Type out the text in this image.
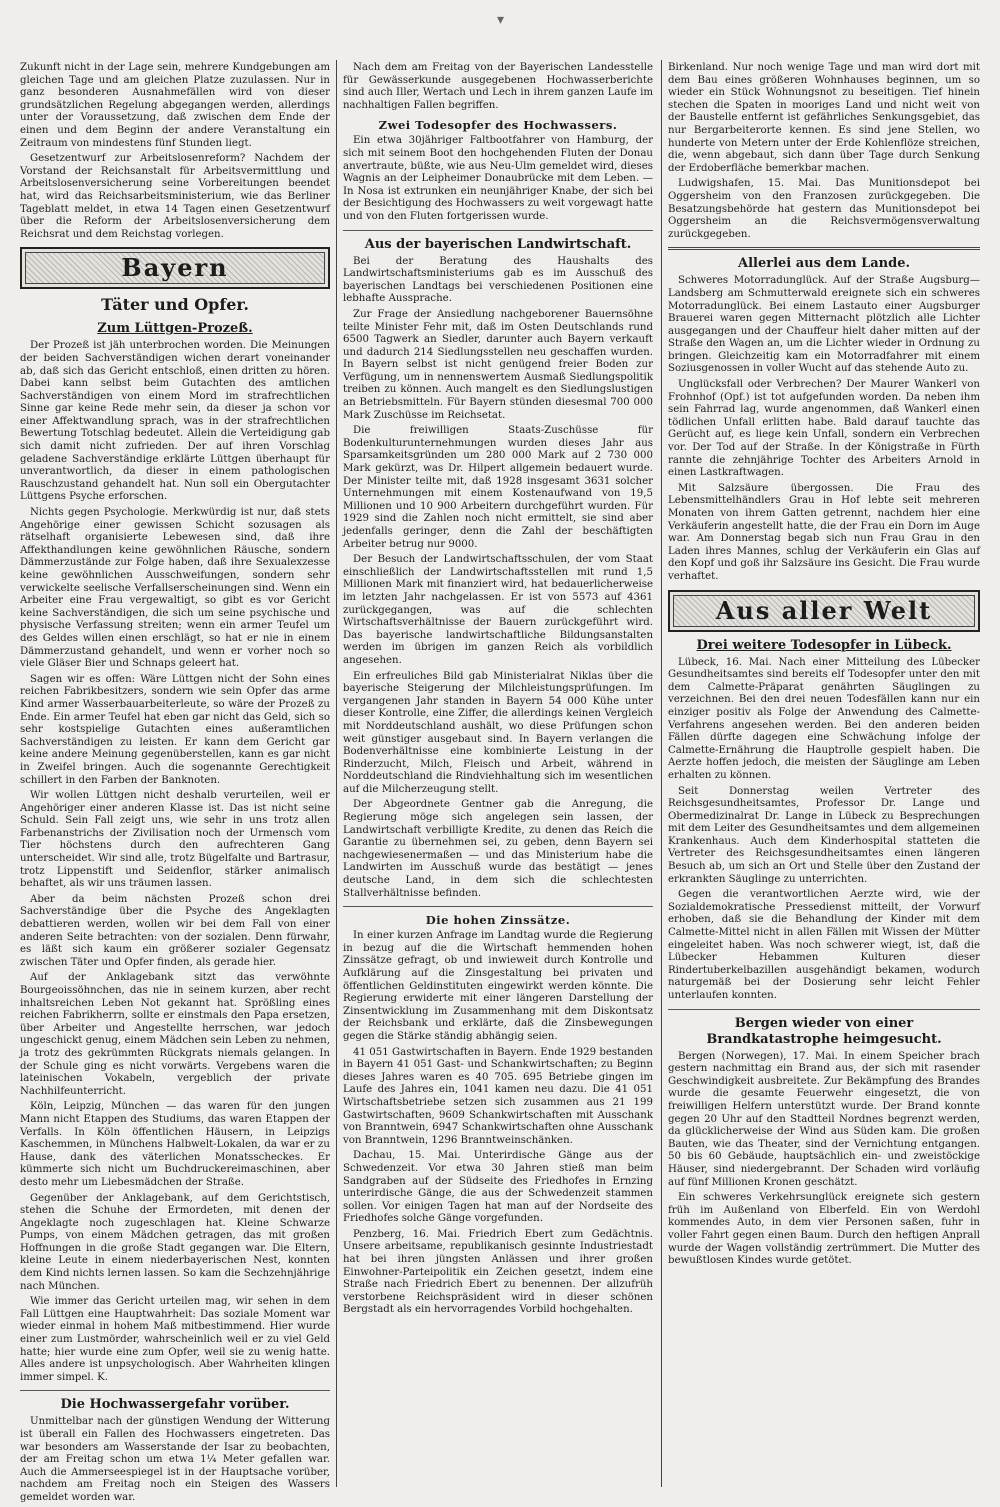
▾

Zukunft nicht in der Lage sein, mehrere Kundgebungen am gleichen Tage und am gleichen Platze zuzulassen. Nur in ganz besonderen Ausnahmefällen wird von dieser grundsätzlichen Regelung abgegangen werden, allerdings unter der Voraussetzung, daß zwischen dem Ende der einen und dem Beginn der andere Veranstaltung ein Zeitraum von mindestens fünf Stunden liegt.

Gesetzentwurf zur Arbeitslosenreform? Nachdem der Vorstand der Reichsanstalt für Arbeitsvermittlung und Arbeitslosenversicherung seine Vorbereitungen beendet hat, wird das Reichsarbeitsministerium, wie das Berliner Tageblatt meldet, in etwa 14 Tagen einen Gesetzentwurf über die Reform der Arbeitslosenversicherung dem Reichsrat und dem Reichstag vorlegen.

Bayern
Täter und Opfer.
Zum Lüttgen-Prozeß.

Der Prozeß ist jäh unterbrochen worden. Die Meinungen der beiden Sachverständigen wichen derart voneinander ab, daß sich das Gericht entschloß, einen dritten zu hören. Dabei kann selbst beim Gutachten des amtlichen Sachverständigen von einem Mord im strafrechtlichen Sinne gar keine Rede mehr sein, da dieser ja schon vor einer Affektwandlung sprach, was in der strafrechtlichen Bewertung Totschlag bedeutet. Allein die Verteidigung gab sich damit nicht zufrieden. Der auf ihren Vorschlag geladene Sachverständige erklärte Lüttgen überhaupt für unverantwortlich, da dieser in einem pathologischen Rauschzustand gehandelt hat. Nun soll ein Obergutachter Lüttgens Psyche erforschen.

Nichts gegen Psychologie. Merkwürdig ist nur, daß stets Angehörige einer gewissen Schicht sozusagen als rätselhaft organisierte Lebewesen sind, daß ihre Affekthandlungen keine gewöhnlichen Räusche, sondern Dämmerzustände zur Folge haben, daß ihre Sexualexzesse keine gewöhnlichen Ausschweifungen, sondern sehr verwickelte seelische Verfallserscheinungen sind. Wenn ein Arbeiter eine Frau vergewaltigt, so gibt es vor Gericht keine Sachverständigen, die sich um seine psychische und physische Verfassung streiten; wenn ein armer Teufel um des Geldes willen einen erschlägt, so hat er nie in einem Dämmerzustand gehandelt, und wenn er vorher noch so viele Gläser Bier und Schnaps geleert hat.

Sagen wir es offen: Wäre Lüttgen nicht der Sohn eines reichen Fabrikbesitzers, sondern wie sein Opfer das arme Kind armer Wasserbauarbeiterleute, so wäre der Prozeß zu Ende. Ein armer Teufel hat eben gar nicht das Geld, sich so sehr kostspielige Gutachten eines außeramtlichen Sachverständigen zu leisten. Er kann dem Gericht gar keine andere Meinung gegenüberstellen, kann es gar nicht in Zweifel bringen. Auch die sogenannte Gerechtigkeit schillert in den Farben der Banknoten.

Wir wollen Lüttgen nicht deshalb verurteilen, weil er Angehöriger einer anderen Klasse ist. Das ist nicht seine Schuld. Sein Fall zeigt uns, wie sehr in uns trotz allen Farbenanstrichs der Zivilisation noch der Urmensch vom Tier höchstens durch den aufrechteren Gang unterscheidet. Wir sind alle, trotz Bügelfalte und Bartrasur, trotz Lippenstift und Seidenflor, stärker animalisch behaftet, als wir uns träumen lassen.

Aber da beim nächsten Prozeß schon drei Sachverständige über die Psyche des Angeklagten debattieren werden, wollen wir bei dem Fall von einer anderen Seite betrachten: von der sozialen. Denn fürwahr, es läßt sich kaum ein größerer sozialer Gegensatz zwischen Täter und Opfer finden, als gerade hier.

Auf der Anklagebank sitzt das verwöhnte Bourgeoissöhnchen, das nie in seinem kurzen, aber recht inhaltsreichen Leben Not gekannt hat. Sprößling eines reichen Fabrikherrn, sollte er einstmals den Papa ersetzen, über Arbeiter und Angestellte herrschen, war jedoch ungeschickt genug, einem Mädchen sein Leben zu nehmen, ja trotz des gekrümmten Rückgrats niemals gelangen. In der Schule ging es nicht vorwärts. Vergebens waren die lateinischen Vokabeln, vergeblich der private Nachhilfeunterricht.

Köln, Leipzig, München — das waren für den jungen Mann nicht Etappen des Studiums, das waren Etappen der Verfalls. In Köln öffentlichen Häusern, in Leipzigs Kaschemmen, in Münchens Halbwelt-Lokalen, da war er zu Hause, dank des väterlichen Monatsscheckes. Er kümmerte sich nicht um Buchdruckereimaschinen, aber desto mehr um Liebesmädchen der Straße.

Gegenüber der Anklagebank, auf dem Gerichtstisch, stehen die Schuhe der Ermordeten, mit denen der Angeklagte noch zugeschlagen hat. Kleine Schwarze Pumps, von einem Mädchen getragen, das mit großen Hoffnungen in die große Stadt gegangen war. Die Eltern, kleine Leute in einem niederbayerischen Nest, konnten dem Kind nichts lernen lassen. So kam die Sechzehnjährige nach München.

Wie immer das Gericht urteilen mag, wir sehen in dem Fall Lüttgen eine Hauptwahrheit: Das soziale Moment war wieder einmal in hohem Maß mitbestimmend. Hier wurde einer zum Lustmörder, wahrscheinlich weil er zu viel Geld hatte; hier wurde eine zum Opfer, weil sie zu wenig hatte. Alles andere ist unpsychologisch. Aber Wahrheiten klingen immer simpel. K.

Die Hochwassergefahr vorüber.

Unmittelbar nach der günstigen Wendung der Witterung ist überall ein Fallen des Hochwassers eingetreten. Das war besonders am Wasserstande der Isar zu beobachten, der am Freitag schon um etwa 1¼ Meter gefallen war. Auch die Ammerseespiegel ist in der Hauptsache vorüber, nachdem am Freitag noch ein Steigen des Wassers gemeldet worden war.

Nach dem am Freitag von der Bayerischen Landesstelle für Gewässerkunde ausgegebenen Hochwasserberichte sind auch Iller, Wertach und Lech in ihrem ganzen Laufe im nachhaltigen Fallen begriffen.

Zwei Todesopfer des Hochwassers.

Ein etwa 30jähriger Faltbootfahrer von Hamburg, der sich mit seinem Boot den hochgehenden Fluten der Donau anvertraute, büßte, wie aus Neu-Ulm gemeldet wird, dieses Wagnis an der Leipheimer Donaubrücke mit dem Leben. — In Nosa ist extrunken ein neunjähriger Knabe, der sich bei der Besichtigung des Hochwassers zu weit vorgewagt hatte und von den Fluten fortgerissen wurde.

Aus der bayerischen Landwirtschaft.

Bei der Beratung des Haushalts des Landwirtschaftsministeriums gab es im Ausschuß des bayerischen Landtags bei verschiedenen Positionen eine lebhafte Aussprache.

Zur Frage der Ansiedlung nachgeborener Bauernsöhne teilte Minister Fehr mit, daß im Osten Deutschlands rund 6500 Tagwerk an Siedler, darunter auch Bayern verkauft und dadurch 214 Siedlungsstellen neu geschaffen wurden. In Bayern selbst ist nicht genügend freier Boden zur Verfügung, um in nennenswertem Ausmaß Siedlungspolitik treiben zu können. Auch mangelt es den Siedlungslustigen an Betriebsmitteln. Für Bayern stünden diesesmal 700 000 Mark Zuschüsse im Reichsetat.

Die freiwilligen Staats-Zuschüsse für Bodenkulturunternehmungen wurden dieses Jahr aus Sparsamkeitsgründen um 280 000 Mark auf 2 730 000 Mark gekürzt, was Dr. Hilpert allgemein bedauert wurde. Der Minister teilte mit, daß 1928 insgesamt 3631 solcher Unternehmungen mit einem Kostenaufwand von 19,5 Millionen und 10 900 Arbeitern durchgeführt wurden. Für 1929 sind die Zahlen noch nicht ermittelt, sie sind aber jedenfalls geringer, denn die Zahl der beschäftigten Arbeiter betrug nur 9000.

Der Besuch der Landwirtschaftsschulen, der vom Staat einschließlich der Landwirtschaftsstellen mit rund 1,5 Millionen Mark mit finanziert wird, hat bedauerlicherweise im letzten Jahr nachgelassen. Er ist von 5573 auf 4361 zurückgegangen, was auf die schlechten Wirtschaftsverhältnisse der Bauern zurückgeführt wird. Das bayerische landwirtschaftliche Bildungsanstalten werden im übrigen im ganzen Reich als vorbildlich angesehen.

Ein erfreuliches Bild gab Ministerialrat Niklas über die bayerische Steigerung der Milchleistungsprüfungen. Im vergangenen Jahr standen in Bayern 54 000 Kühe unter dieser Kontrolle, eine Ziffer, die allerdings keinen Vergleich mit Norddeutschland aushält, wo diese Prüfungen schon weit günstiger ausgebaut sind. In Bayern verlangen die Bodenverhältnisse eine kombinierte Leistung in der Rinderzucht, Milch, Fleisch und Arbeit, während in Norddeutschland die Rindviehhaltung sich im wesentlichen auf die Milcherzeugung stellt.

Der Abgeordnete Gentner gab die Anregung, die Regierung möge sich angelegen sein lassen, der Landwirtschaft verbilligte Kredite, zu denen das Reich die Garantie zu übernehmen sei, zu geben, denn Bayern sei nachgewiesenermaßen — und das Ministerium habe die Landwirten im Ausschuß wurde das bestätigt — jenes deutsche Land, in dem sich die schlechtesten Stallverhältnisse befinden.

Die hohen Zinssätze.

In einer kurzen Anfrage im Landtag wurde die Regierung in bezug auf die die Wirtschaft hemmenden hohen Zinssätze gefragt, ob und inwieweit durch Kontrolle und Aufklärung auf die Zinsgestaltung bei privaten und öffentlichen Geldinstituten eingewirkt werden könnte. Die Regierung erwiderte mit einer längeren Darstellung der Zinsentwicklung im Zusammenhang mit dem Diskontsatz der Reichsbank und erklärte, daß die Zinsbewegungen gegen die Stärke ständig abhängig seien.

41 051 Gastwirtschaften in Bayern. Ende 1929 bestanden in Bayern 41 051 Gast- und Schankwirtschaften; zu Beginn dieses Jahres waren es 40 705. 695 Betriebe gingen im Laufe des Jahres ein, 1041 kamen neu dazu. Die 41 051 Wirtschaftsbetriebe setzen sich zusammen aus 21 199 Gastwirtschaften, 9609 Schankwirtschaften mit Ausschank von Branntwein, 6947 Schankwirtschaften ohne Ausschank von Branntwein, 1296 Branntweinschänken.

Dachau, 15. Mai. Unterirdische Gänge aus der Schwedenzeit. Vor etwa 30 Jahren stieß man beim Sandgraben auf der Südseite des Friedhofes in Ernzing unterirdische Gänge, die aus der Schwedenzeit stammen sollen. Vor einigen Tagen hat man auf der Nordseite des Friedhofes solche Gänge vorgefunden.

Penzberg, 16. Mai. Friedrich Ebert zum Gedächtnis. Unsere arbeitsame, republikanisch gesinnte Industriestadt hat bei ihren jüngsten Anlässen und ihrer großen Einwohner-Parteipolitik ein Zeichen gesetzt, indem eine Straße nach Friedrich Ebert zu benennen. Der allzufrüh verstorbene Reichspräsident wird in dieser schönen Bergstadt als ein hervorragendes Vorbild hochgehalten.

Birkenland. Nur noch wenige Tage und man wird dort mit dem Bau eines größeren Wohnhauses beginnen, um so wieder ein Stück Wohnungsnot zu beseitigen. Tief hinein stechen die Spaten in mooriges Land und nicht weit von der Baustelle entfernt ist gefährliches Senkungsgebiet, das nur Bergarbeiterorte kennen. Es sind jene Stellen, wo hunderte von Metern unter der Erde Kohlenflöze streichen, die, wenn abgebaut, sich dann über Tage durch Senkung der Erdoberfläche bemerkbar machen.

Ludwigshafen, 15. Mai. Das Munitionsdepot bei Oggersheim von den Franzosen zurückgegeben. Die Besatzungsbehörde hat gestern das Munitionsdepot bei Oggersheim an die Reichsvermögensverwaltung zurückgegeben.

Allerlei aus dem Lande.

Schweres Motorradunglück. Auf der Straße Augsburg—Landsberg am Schmutterwald ereignete sich ein schweres Motorradunglück. Bei einem Lastauto einer Augsburger Brauerei waren gegen Mitternacht plötzlich alle Lichter ausgegangen und der Chauffeur hielt daher mitten auf der Straße den Wagen an, um die Lichter wieder in Ordnung zu bringen. Gleichzeitig kam ein Motorradfahrer mit einem Soziusgenossen in voller Wucht auf das stehende Auto zu.

Unglücksfall oder Verbrechen? Der Maurer Wankerl von Frohnhof (Opf.) ist tot aufgefunden worden. Da neben ihm sein Fahrrad lag, wurde angenommen, daß Wankerl einen tödlichen Unfall erlitten habe. Bald darauf tauchte das Gerücht auf, es liege kein Unfall, sondern ein Verbrechen vor. Der Tod auf der Straße. In der Königstraße in Fürth rannte die zehnjährige Tochter des Arbeiters Arnold in einen Lastkraftwagen.

Mit Salzsäure übergossen. Die Frau des Lebensmittelhändlers Grau in Hof lebte seit mehreren Monaten von ihrem Gatten getrennt, nachdem hier eine Verkäuferin angestellt hatte, die der Frau ein Dorn im Auge war. Am Donnerstag begab sich nun Frau Grau in den Laden ihres Mannes, schlug der Verkäuferin ein Glas auf den Kopf und goß ihr Salzsäure ins Gesicht. Die Frau wurde verhaftet.

Aus aller Welt
Drei weitere Todesopfer in Lübeck.

Lübeck, 16. Mai. Nach einer Mitteilung des Lübecker Gesundheitsamtes sind bereits elf Todesopfer unter den mit dem Calmette-Präparat genährten Säuglingen zu verzeichnen. Bei den drei neuen Todesfällen kann nur ein einziger positiv als Folge der Anwendung des Calmette-Verfahrens angesehen werden. Bei den anderen beiden Fällen dürfte dagegen eine Schwächung infolge der Calmette-Ernährung die Hauptrolle gespielt haben. Die Aerzte hoffen jedoch, die meisten der Säuglinge am Leben erhalten zu können.

Seit Donnerstag weilen Vertreter des Reichsgesundheitsamtes, Professor Dr. Lange und Obermedizinalrat Dr. Lange in Lübeck zu Besprechungen mit dem Leiter des Gesundheitsamtes und dem allgemeinen Krankenhaus. Auch dem Kinderhospital statteten die Vertreter des Reichsgesundheitsamtes einen längeren Besuch ab, um sich an Ort und Stelle über den Zustand der erkrankten Säuglinge zu unterrichten.

Gegen die verantwortlichen Aerzte wird, wie der Sozialdemokratische Pressedienst mitteilt, der Vorwurf erhoben, daß sie die Behandlung der Kinder mit dem Calmette-Mittel nicht in allen Fällen mit Wissen der Mütter eingeleitet haben. Was noch schwerer wiegt, ist, daß die Lübecker Hebammen Kulturen dieser Rindertuberkelbazillen ausgehändigt bekamen, wodurch naturgemäß bei der Dosierung sehr leicht Fehler unterlaufen konnten.

Bergen wieder von einer Brandkatastrophe heimgesucht.

Bergen (Norwegen), 17. Mai. In einem Speicher brach gestern nachmittag ein Brand aus, der sich mit rasender Geschwindigkeit ausbreitete. Zur Bekämpfung des Brandes wurde die gesamte Feuerwehr eingesetzt, die von freiwilligen Helfern unterstützt wurde. Der Brand konnte gegen 20 Uhr auf den Stadtteil Nordnes begrenzt werden, da glücklicherweise der Wind aus Süden kam. Die großen Bauten, wie das Theater, sind der Vernichtung entgangen. 50 bis 60 Gebäude, hauptsächlich ein- und zweistöckige Häuser, sind niedergebrannt. Der Schaden wird vorläufig auf fünf Millionen Kronen geschätzt.

Ein schweres Verkehrsunglück ereignete sich gestern früh im Außenland von Elberfeld. Ein von Werdohl kommendes Auto, in dem vier Personen saßen, fuhr in voller Fahrt gegen einen Baum. Durch den heftigen Anprall wurde der Wagen vollständig zertrümmert. Die Mutter des bewußtlosen Kindes wurde getötet.
